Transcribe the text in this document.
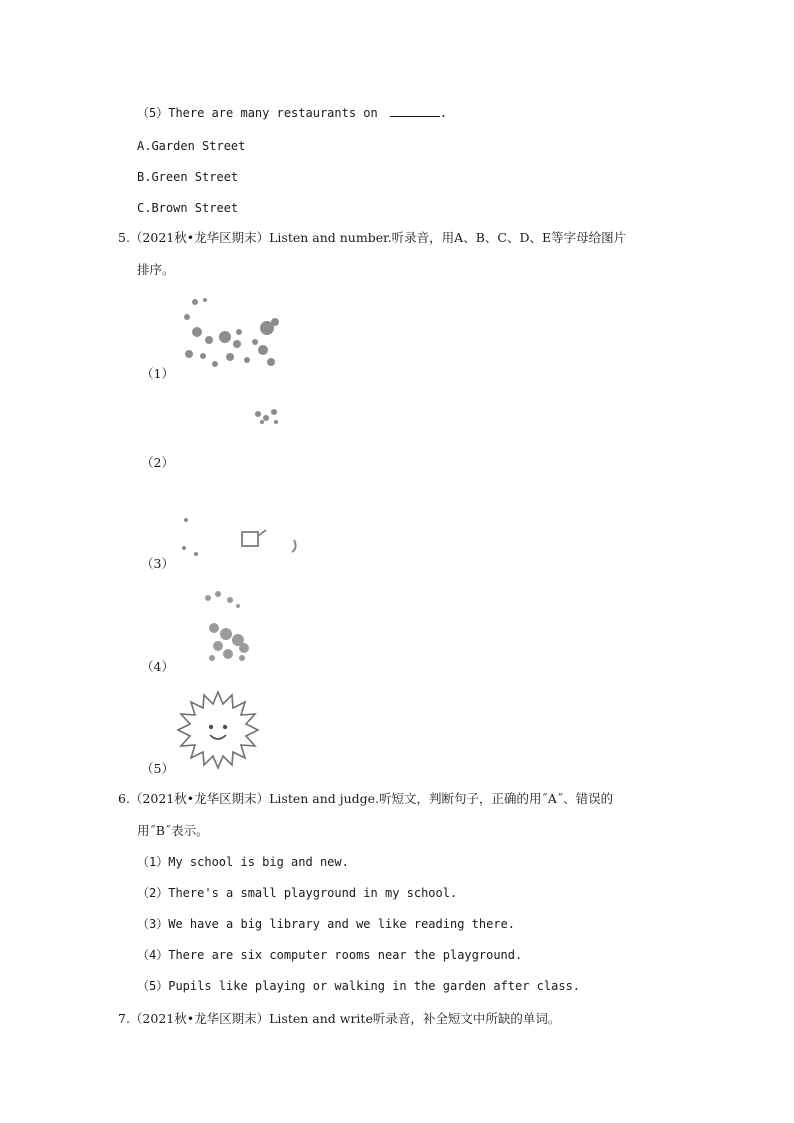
（5）There are many restaurants on	.
A.Garden Street
B.Green Street
C.Brown Street
5.（2021秋•龙华区期末）Listen and number.听录音，用A、B、C、D、E等字母给图片
排序。
（1）
（2）
（3）
（4）
（5）
6.（2021秋•龙华区期末）Listen and judge.听短文，判断句子，正确的用˝A˝、错误的
用˝B˝表示。
（1）My school is big and new.
（2）There's a small playground in my school.
（3）We have a big library and we like reading there.
（4）There are six computer rooms near the playground.
（5）Pupils like playing or walking in the garden after class.
7.（2021秋•龙华区期末）Listen and write听录音，补全短文中所缺的单词。
